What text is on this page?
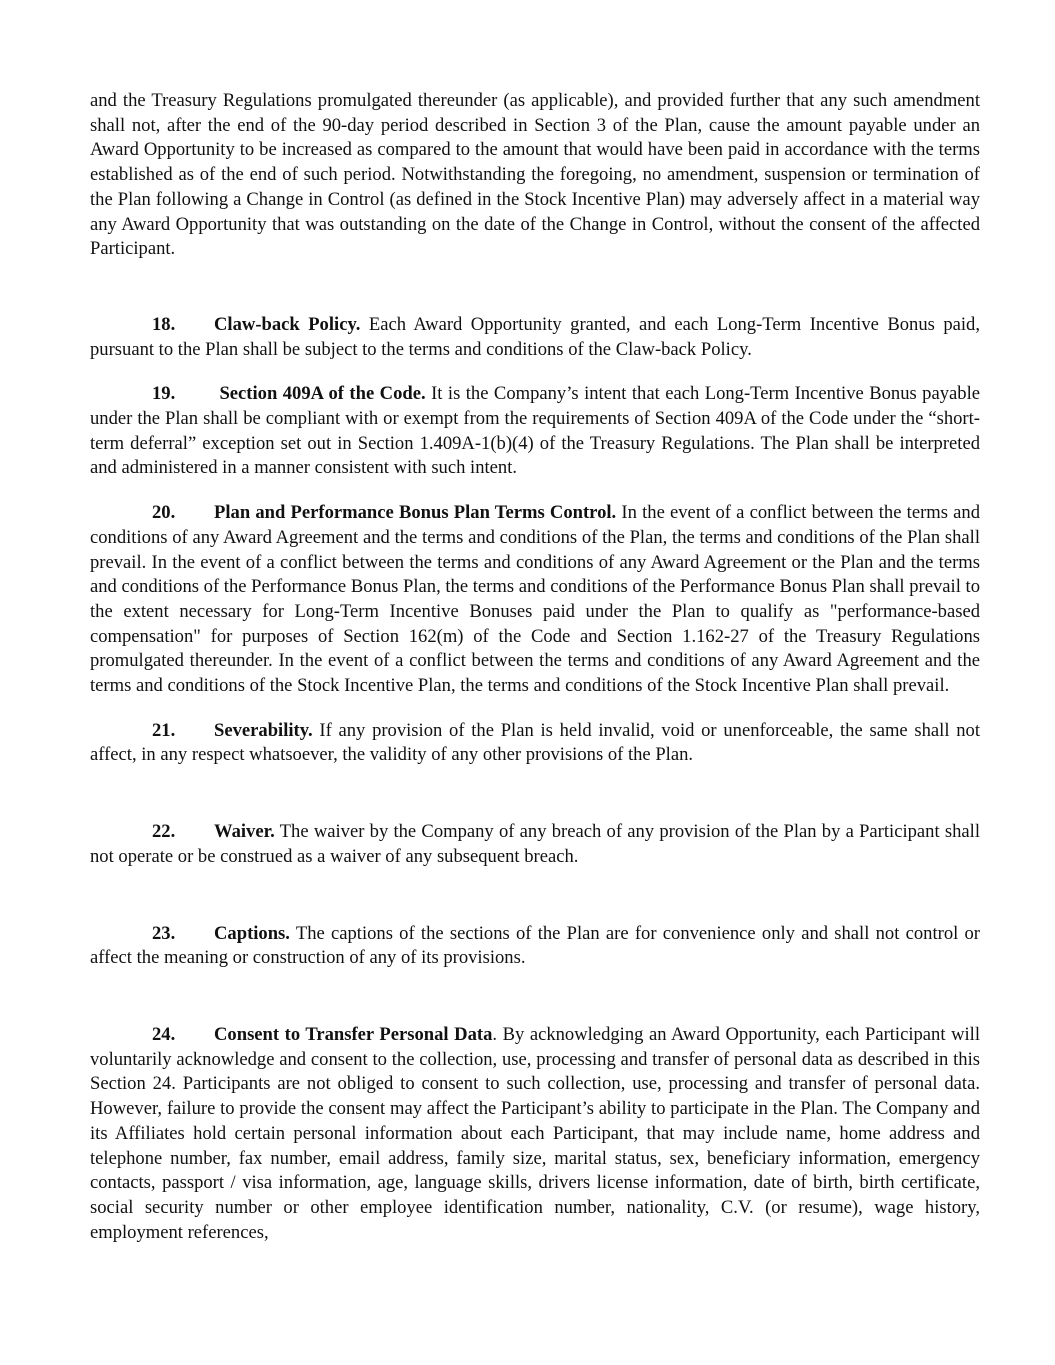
and the Treasury Regulations promulgated thereunder (as applicable), and provided further that any such amendment shall not, after the end of the 90-day period described in Section 3 of the Plan, cause the amount payable under an Award Opportunity to be increased as compared to the amount that would have been paid in accordance with the terms established as of the end of such period. Notwithstanding the foregoing, no amendment, suspension or termination of the Plan following a Change in Control (as defined in the Stock Incentive Plan) may adversely affect in a material way any Award Opportunity that was outstanding on the date of the Change in Control, without the consent of the affected Participant.

18. Claw-back Policy. Each Award Opportunity granted, and each Long-Term Incentive Bonus paid, pursuant to the Plan shall be subject to the terms and conditions of the Claw-back Policy.

19. Section 409A of the Code. It is the Company’s intent that each Long-Term Incentive Bonus payable under the Plan shall be compliant with or exempt from the requirements of Section 409A of the Code under the “short-term deferral” exception set out in Section 1.409A-1(b)(4) of the Treasury Regulations. The Plan shall be interpreted and administered in a manner consistent with such intent.

20. Plan and Performance Bonus Plan Terms Control. In the event of a conflict between the terms and conditions of any Award Agreement and the terms and conditions of the Plan, the terms and conditions of the Plan shall prevail. In the event of a conflict between the terms and conditions of any Award Agreement or the Plan and the terms and conditions of the Performance Bonus Plan, the terms and conditions of the Performance Bonus Plan shall prevail to the extent necessary for Long-Term Incentive Bonuses paid under the Plan to qualify as "performance-based compensation" for purposes of Section 162(m) of the Code and Section 1.162-27 of the Treasury Regulations promulgated thereunder. In the event of a conflict between the terms and conditions of any Award Agreement and the terms and conditions of the Stock Incentive Plan, the terms and conditions of the Stock Incentive Plan shall prevail.

21. Severability. If any provision of the Plan is held invalid, void or unenforceable, the same shall not affect, in any respect whatsoever, the validity of any other provisions of the Plan.

22. Waiver. The waiver by the Company of any breach of any provision of the Plan by a Participant shall not operate or be construed as a waiver of any subsequent breach.

23. Captions. The captions of the sections of the Plan are for convenience only and shall not control or affect the meaning or construction of any of its provisions.

24. Consent to Transfer Personal Data. By acknowledging an Award Opportunity, each Participant will voluntarily acknowledge and consent to the collection, use, processing and transfer of personal data as described in this Section 24. Participants are not obliged to consent to such collection, use, processing and transfer of personal data. However, failure to provide the consent may affect the Participant’s ability to participate in the Plan. The Company and its Affiliates hold certain personal information about each Participant, that may include name, home address and telephone number, fax number, email address, family size, marital status, sex, beneficiary information, emergency contacts, passport / visa information, age, language skills, drivers license information, date of birth, birth certificate, social security number or other employee identification number, nationality, C.V. (or resume), wage history, employment references,
